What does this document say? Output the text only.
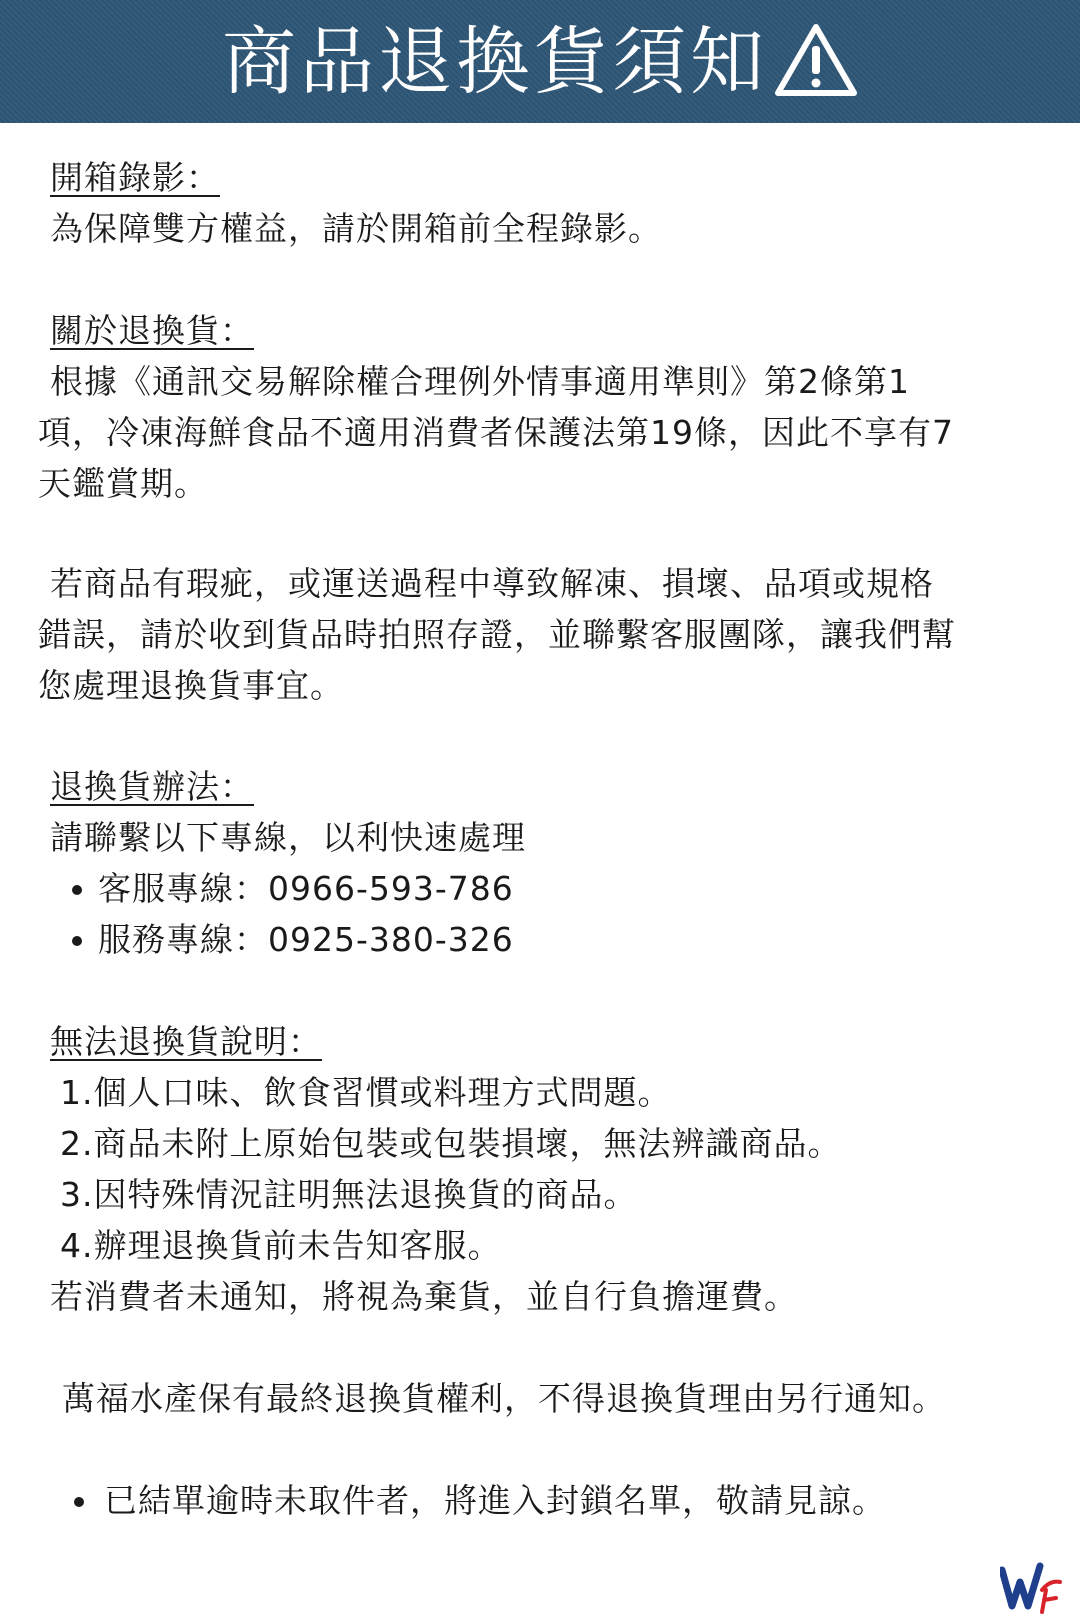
商品退換貨須知
開箱錄影：
為保障雙方權益，請於開箱前全程錄影。
關於退換貨：
根據《通訊交易解除權合理例外情事適用準則》第2條第1
項，冷凍海鮮食品不適用消費者保護法第19條，因此不享有7
天鑑賞期。
若商品有瑕疵，或運送過程中導致解凍、損壞、品項或規格
錯誤，請於收到貨品時拍照存證，並聯繫客服團隊，讓我們幫
您處理退換貨事宜。
退換貨辦法：
請聯繫以下專線，以利快速處理
客服專線：0966-593-786
服務專線：0925-380-326
無法退換貨說明：
1.個人口味、飲食習慣或料理方式問題。
2.商品未附上原始包裝或包裝損壞，無法辨識商品。
3.因特殊情況註明無法退換貨的商品。
4.辦理退換貨前未告知客服。
若消費者未通知，將視為棄貨，並自行負擔運費。
萬福水產保有最終退換貨權利，不得退換貨理由另行通知。
已結單逾時未取件者，將進入封鎖名單，敬請見諒。
